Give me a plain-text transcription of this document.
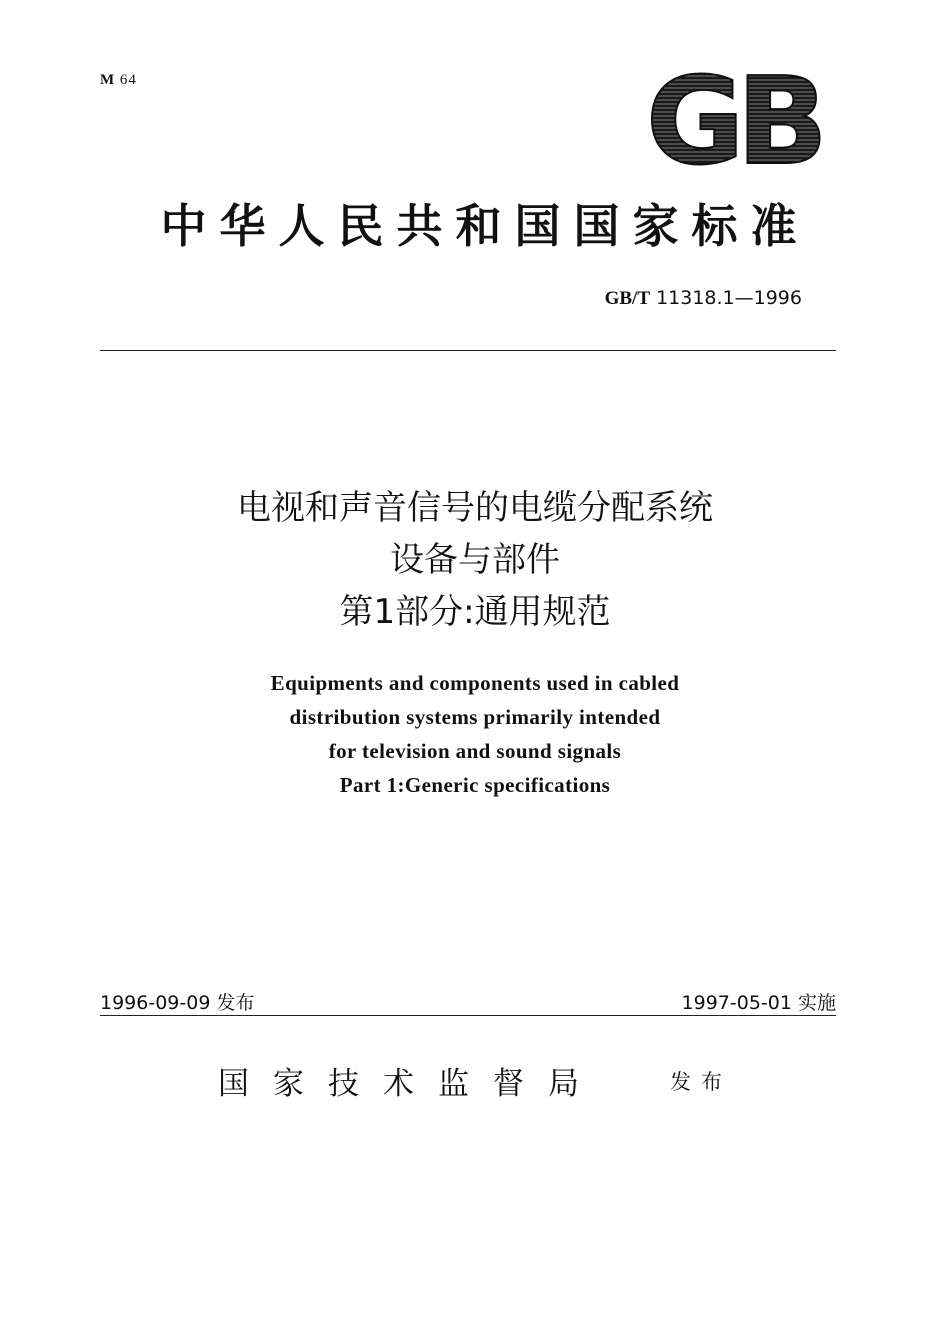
M 64	GB
中华人民共和国国家标准
GB/T 11318.1—1996
电视和声音信号的电缆分配系统
设备与部件
第1部分:通用规范
Equipments and components used in cabled
distribution systems primarily intended
for television and sound signals
Part 1:Generic specifications
1996-09-09 发布	1997-05-01 实施
国家技术监督局	发布
